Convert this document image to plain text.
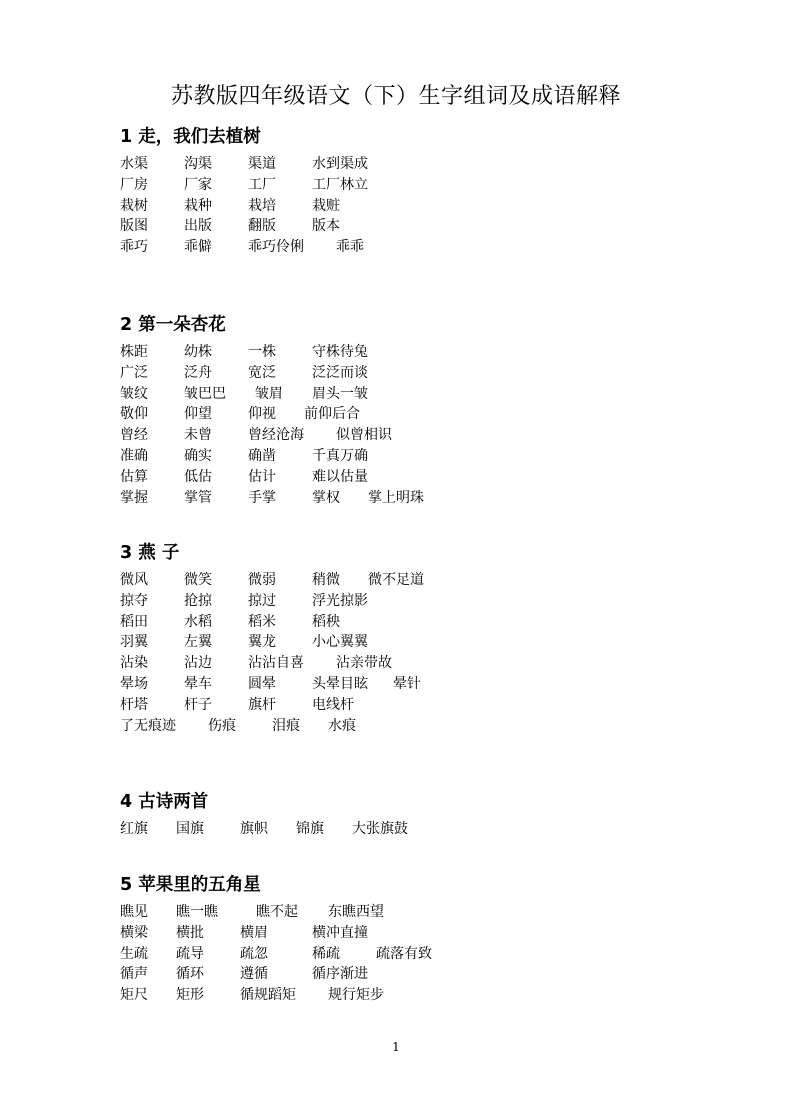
苏教版四年级语文（下）生字组词及成语解释
1 走，我们去植树
水渠	沟渠	渠道	水到渠成
厂房	厂家	工厂	工厂林立
栽树	栽种	栽培	栽赃
版图	出版	翻版	版本
乖巧	乖僻	乖巧伶俐 乖乖
2 第一朵杏花
株距	幼株	一株	守株待兔
广泛	泛舟	宽泛	泛泛而谈
皱纹	皱巴巴 皱眉 眉头一皱
敬仰	仰望	仰视 前仰后合
曾经	未曾	曾经沧海 似曾相识
准确	确实	确凿	千真万确
估算	低估	估计	难以估量
掌握	掌管	手掌	掌权 掌上明珠
3 燕 子
微风	微笑	微弱	稍微 微不足道
掠夺	抢掠	掠过	浮光掠影
稻田	水稻	稻米	稻秧
羽翼	左翼	翼龙	小心翼翼
沾染	沾边	沾沾自喜 沾亲带故
晕场	晕车	圆晕	头晕目眩 晕针
杆塔	杆子	旗杆	电线杆
了无痕迹 伤痕	泪痕 水痕
4 古诗两首
红旗 国旗	旗帜 锦旗 大张旗鼓
5 苹果里的五角星
瞧见 瞧一瞧	瞧不起 东瞧西望
横梁 横批	横眉	横冲直撞
生疏 疏导	疏忽	稀疏	疏落有致
循声 循环	遵循	循序渐进
矩尺 矩形	循规蹈矩 规行矩步
1
